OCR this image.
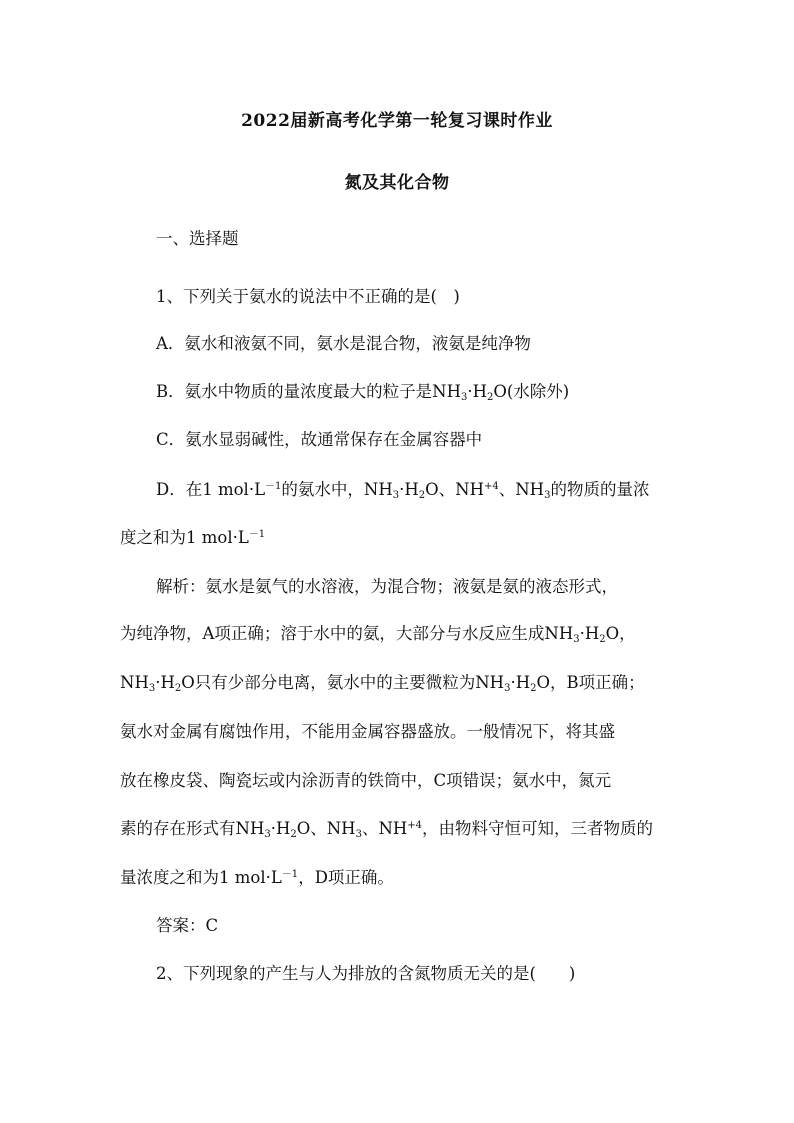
2022届新高考化学第一轮复习课时作业
氮及其化合物
一、选择题
1、下列关于氨水的说法中不正确的是(　)
A．氨水和液氨不同，氨水是混合物，液氨是纯净物
B．氨水中物质的量浓度最大的粒子是$NH_3\cdot H_2O$(水除外)
C．氨水显弱碱性，故通常保存在金属容器中
D．在1 $mol\cdot L^{-1}$的氨水中，$NH_3\cdot H_2O$、$NH^{+4}$、$NH_3$的物质的量浓
度之和为1 $mol\cdot L^{-1}$
解析：氨水是氨气的水溶液，为混合物；液氨是氨的液态形式，
为纯净物，A项正确；溶于水中的氨，大部分与水反应生成$NH_3\cdot H_2O$，
$NH_3\cdot H_2O$只有少部分电离，氨水中的主要微粒为$NH_3\cdot H_2O$，B项正确；
氨水对金属有腐蚀作用，不能用金属容器盛放。一般情况下，将其盛
放在橡皮袋、陶瓷坛或内涂沥青的铁筒中，C项错误；氨水中，氮元
素的存在形式有$NH_3\cdot H_2O$、$NH_3$、$NH^{+4}$，由物料守恒可知，三者物质的
量浓度之和为1 $mol\cdot L^{-1}$，D项正确。
答案：C
2、下列现象的产生与人为排放的含氮物质无关的是(　　)
